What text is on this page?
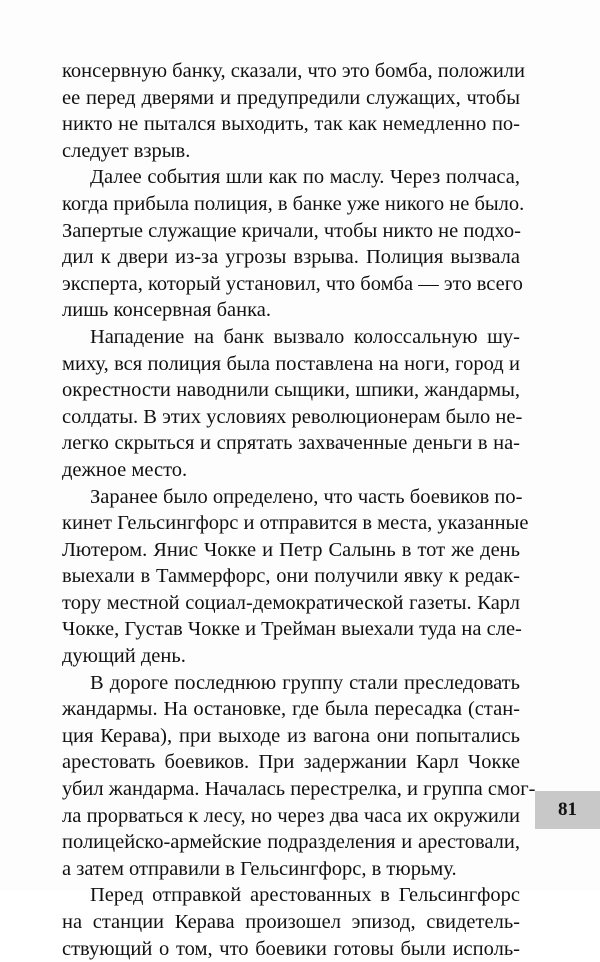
консервную банку, сказали, что это бомба, положили
ее перед дверями и предупредили служащих, чтобы
никто не пытался выходить, так как немедленно по-
следует взрыв.
Далее события шли как по маслу. Через полчаса,
когда прибыла полиция, в банке уже никого не было.
Запертые служащие кричали, чтобы никто не подхо-
дил к двери из-за угрозы взрыва. Полиция вызвала
эксперта, который установил, что бомба — это всего
лишь консервная банка.
Нападение на банк вызвало колоссальную шу-
миху, вся полиция была поставлена на ноги, город и
окрестности наводнили сыщики, шпики, жандармы,
солдаты. В этих условиях революционерам было не-
легко скрыться и спрятать захваченные деньги в на-
дежное место.
Заранее было определено, что часть боевиков по-
кинет Гельсингфорс и отправится в места, указанные
Лютером. Янис Чокке и Петр Салынь в тот же день
выехали в Таммерфорс, они получили явку к редак-
тору местной социал-демократической газеты. Карл
Чокке, Густав Чокке и Трейман выехали туда на сле-
дующий день.
В дороге последнюю группу стали преследовать
жандармы. На остановке, где была пересадка (стан-
ция Керава), при выходе из вагона они попытались
арестовать боевиков. При задержании Карл Чокке
убил жандарма. Началась перестрелка, и группа смог-
ла прорваться к лесу, но через два часа их окружили
полицейско-армейские подразделения и арестовали,
а затем отправили в Гельсингфорс, в тюрьму.
Перед отправкой арестованных в Гельсингфорс
на станции Керава произошел эпизод, свидетель-
ствующий о том, что боевики готовы были исполь-
81
